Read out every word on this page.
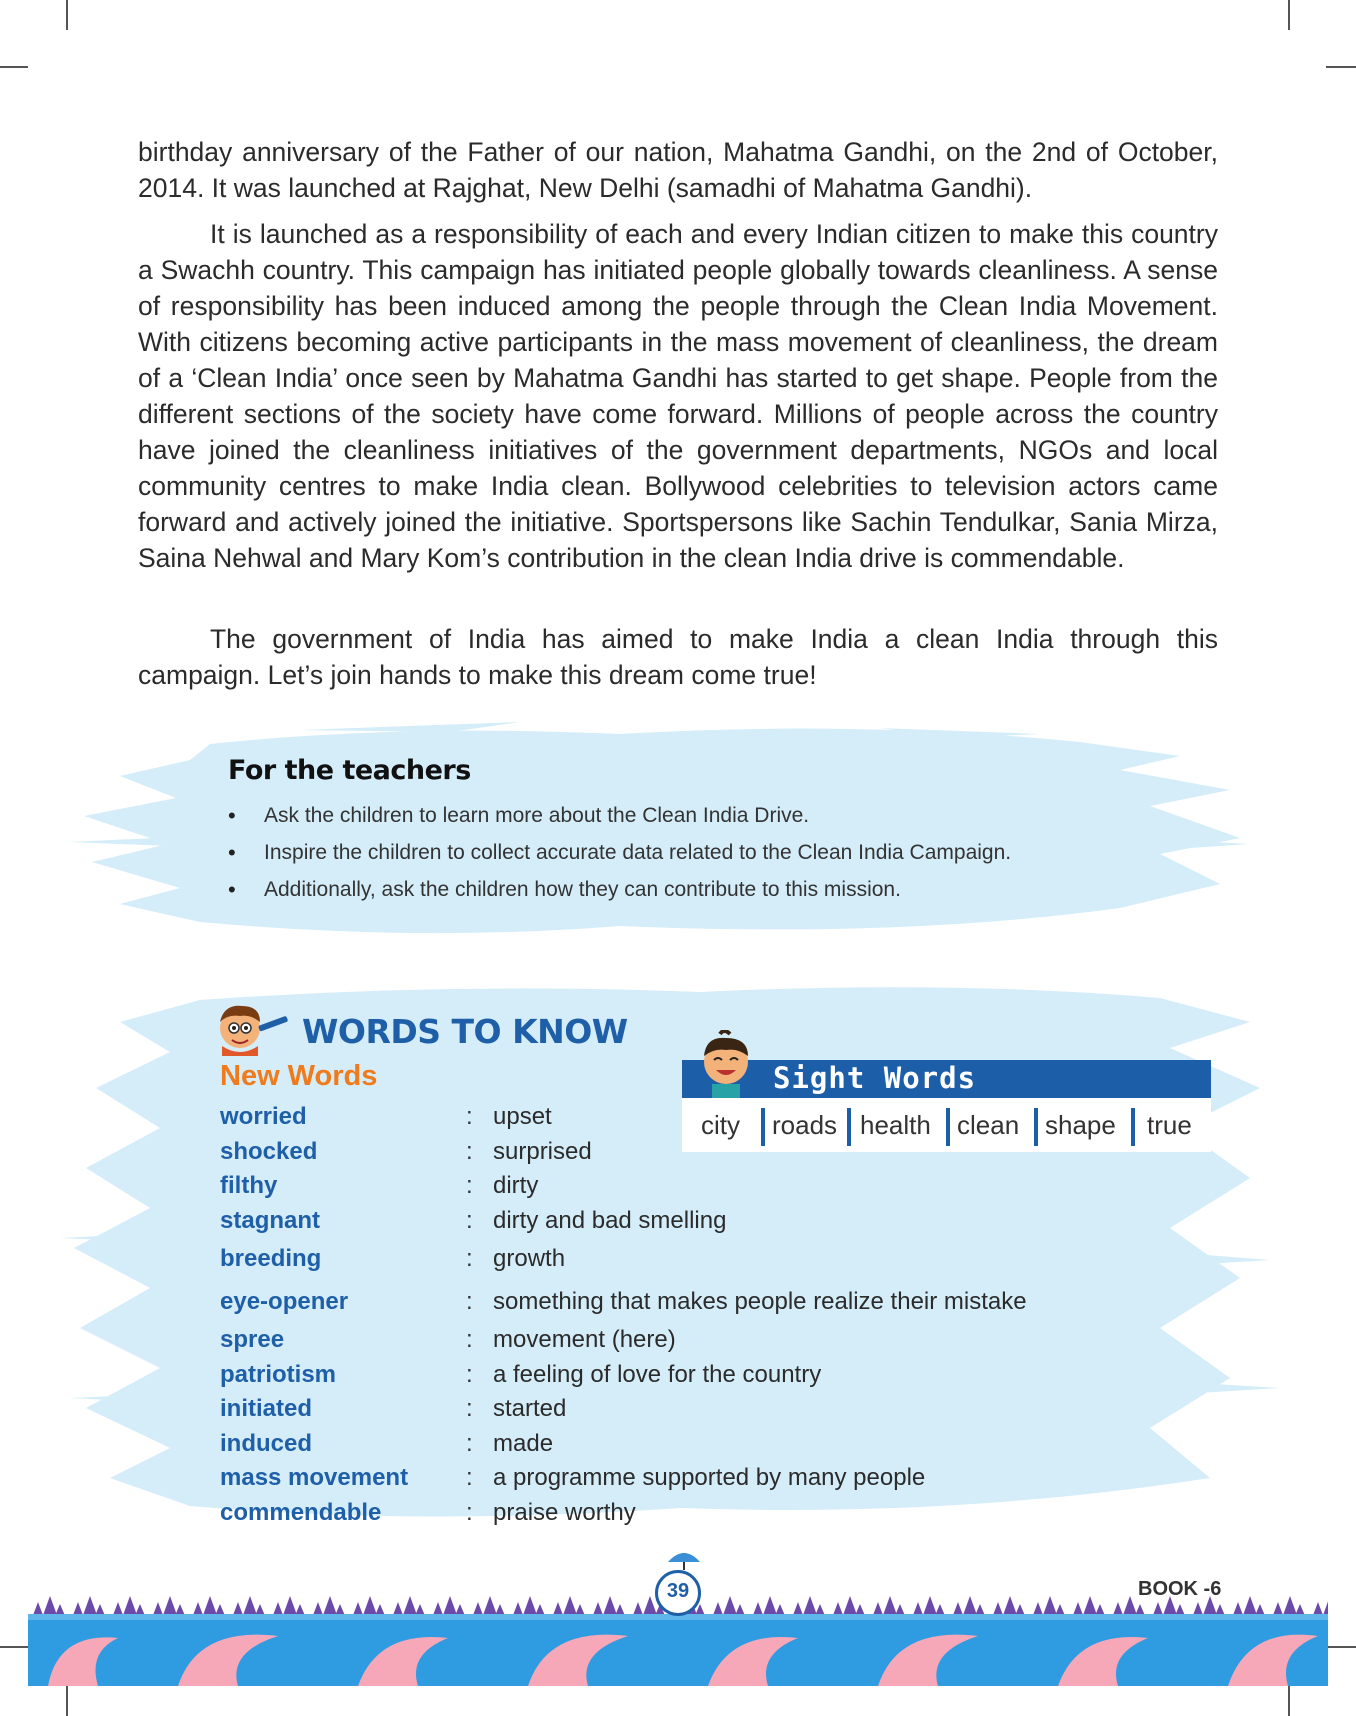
birthday anniversary of the Father of our nation, Mahatma Gandhi, on the 2nd of October, 2014. It was launched at Rajghat, New Delhi (samadhi of Mahatma Gandhi).

It is launched as a responsibility of each and every Indian citizen to make this country a Swachh country. This campaign has initiated people globally towards cleanliness. A sense of responsibility has been induced among the people through the Clean India Movement. With citizens becoming active participants in the mass movement of cleanliness, the dream of a ‘Clean India’ once seen by Mahatma Gandhi has started to get shape. People from the different sections of the society have come forward. Millions of people across the country have joined the cleanliness initiatives of the government departments, NGOs and local community centres to make India clean. Bollywood celebrities to television actors came forward and actively joined the initiative. Sportspersons like Sachin Tendulkar, Sania Mirza, Saina Nehwal and Mary Kom’s contribution in the clean India drive is commendable.

The government of India has aimed to make India a clean India through this campaign. Let’s join hands to make this dream come true!

For the teachers
• Ask the children to learn more about the Clean India Drive.
• Inspire the children to collect accurate data related to the Clean India Campaign.
• Additionally, ask the children how they can contribute to this mission.
WORDS TO KNOW
New Words
worried	: upset
shocked	: surprised
filthy	: dirty
stagnant	: dirty and bad smelling
breeding	: growth
eye-opener	: something that makes people realize their mistake
spree	: movement (here)
patriotism	: a feeling of love for the country
initiated	: started
induced	: made
mass movement : a programme supported by many people
commendable	: praise worthy
Sight Words
city roads health clean shape true
39	BOOK -6
